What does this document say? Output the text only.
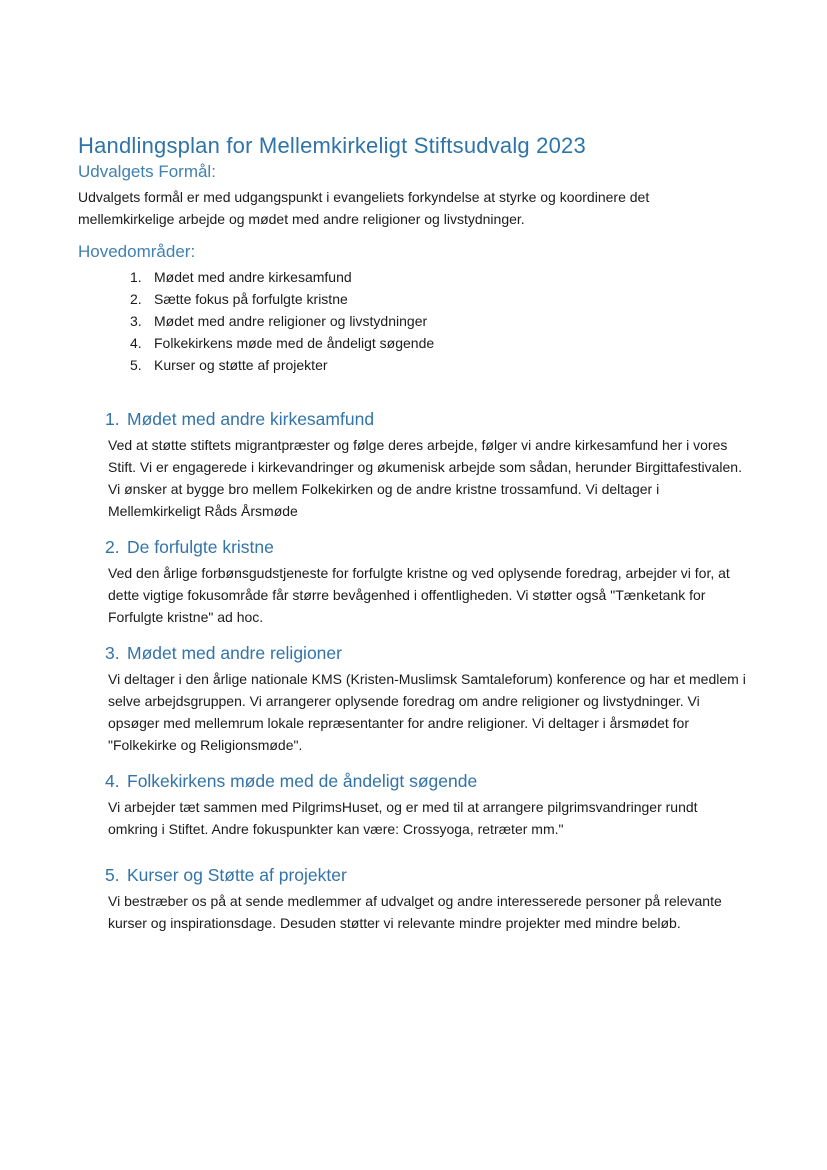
Handlingsplan for Mellemkirkeligt Stiftsudvalg 2023
Udvalgets Formål:

Udvalgets formål er med udgangspunkt i evangeliets forkyndelse at styrke og koordinere det mellemkirkelige arbejde og mødet med andre religioner og livstydninger.

Hovedområder:
1. Mødet med andre kirkesamfund
2. Sætte fokus på forfulgte kristne
3. Mødet med andre religioner og livstydninger
4. Folkekirkens møde med de åndeligt søgende
5. Kurser og støtte af projekter
1. Mødet med andre kirkesamfund

Ved at støtte stiftets migrantpræster og følge deres arbejde, følger vi andre kirkesamfund her i vores Stift. Vi er engagerede i kirkevandringer og økumenisk arbejde som sådan, herunder Birgittafestivalen. Vi ønsker at bygge bro mellem Folkekirken og de andre kristne trossamfund. Vi deltager i Mellemkirkeligt Råds Årsmøde

2. De forfulgte kristne

Ved den årlige forbønsgudstjeneste for forfulgte kristne og ved oplysende foredrag, arbejder vi for, at dette vigtige fokusområde får større bevågenhed i offentligheden. Vi støtter også "Tænketank for Forfulgte kristne" ad hoc.

3. Mødet med andre religioner

Vi deltager i den årlige nationale KMS (Kristen-Muslimsk Samtaleforum) konference og har et medlem i selve arbejdsgruppen. Vi arrangerer oplysende foredrag om andre religioner og livstydninger. Vi opsøger med mellemrum lokale repræsentanter for andre religioner. Vi deltager i årsmødet for "Folkekirke og Religionsmøde".

4. Folkekirkens møde med de åndeligt søgende

Vi arbejder tæt sammen med PilgrimsHuset, og er med til at arrangere pilgrimsvandringer rundt omkring i Stiftet. Andre fokuspunkter kan være: Crossyoga, retræter mm."

5. Kurser og Støtte af projekter

Vi bestræber os på at sende medlemmer af udvalget og andre interesserede personer på relevante kurser og inspirationsdage. Desuden støtter vi relevante mindre projekter med mindre beløb.
